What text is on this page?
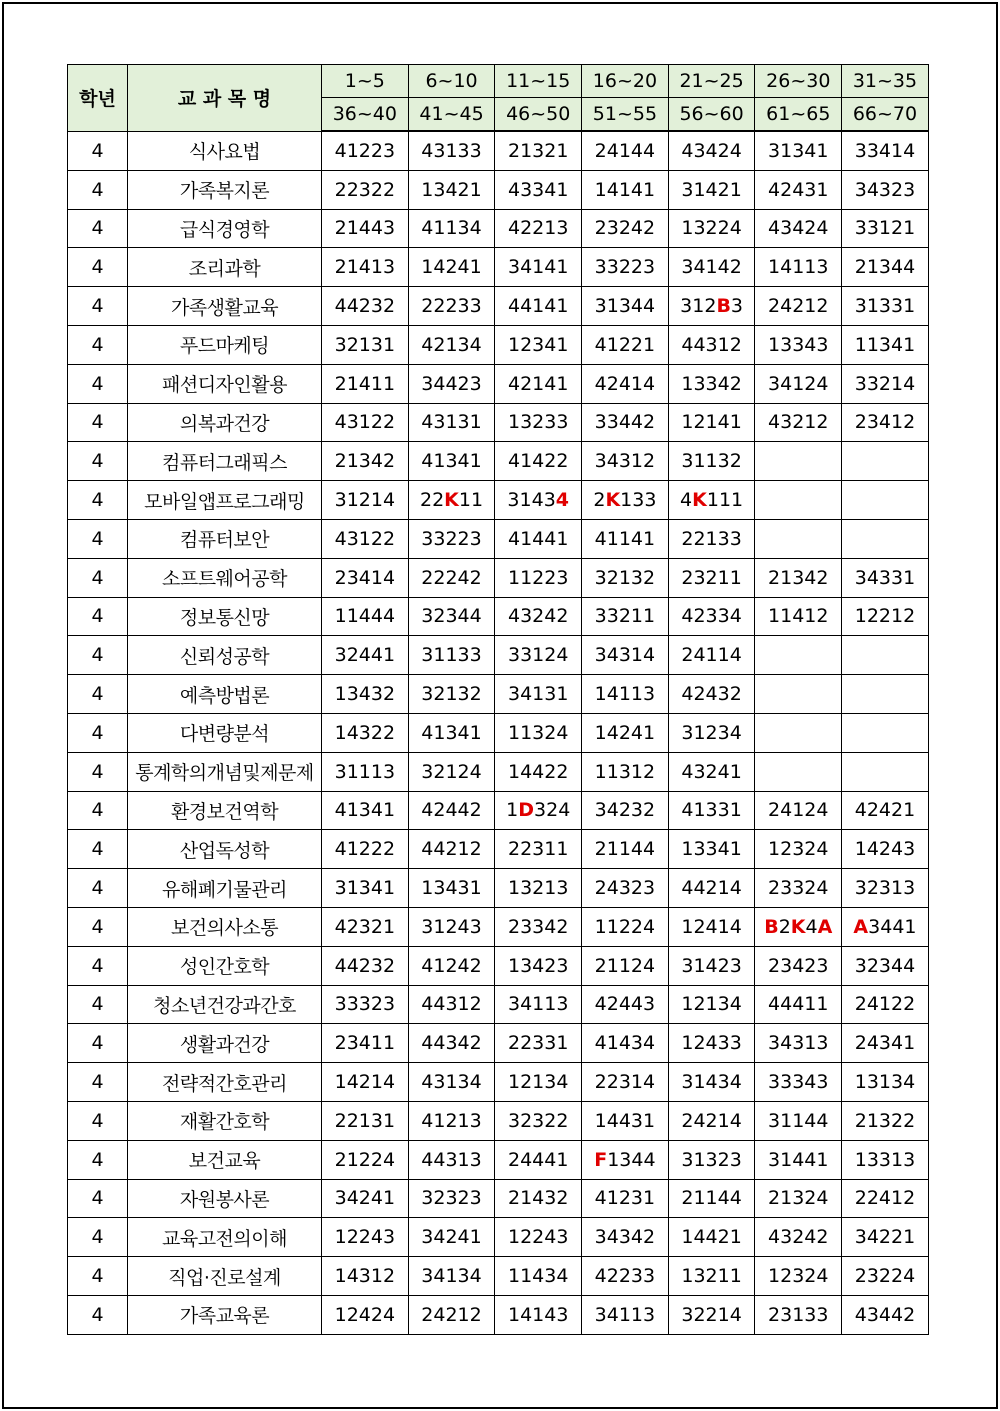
학년	교 과 목 명	1~5	6~10	11~15	16~20	21~25	26~30	31~35
		36~40	41~45	46~50	51~55	56~60	61~65	66~70
4	식사요법	41223	43133	21321	24144	43424	31341	33414
4	가족복지론	22322	13421	43341	14141	31421	42431	34323
4	급식경영학	21443	41134	42213	23242	13224	43424	33121
4	조리과학	21413	14241	34141	33223	34142	14113	21344
4	가족생활교육	44232	22233	44141	31344	312B3	24212	31331
4	푸드마케팅	32131	42134	12341	41221	44312	13343	11341
4	패션디자인활용	21411	34423	42141	42414	13342	34124	33214
4	의복과건강	43122	43131	13233	33442	12141	43212	23412
4	컴퓨터그래픽스	21342	41341	41422	34312	31132		
4	모바일앱프로그래밍	31214	22K11	31434	2K133	4K111		
4	컴퓨터보안	43122	33223	41441	41141	22133		
4	소프트웨어공학	23414	22242	11223	32132	23211	21342	34331
4	정보통신망	11444	32344	43242	33211	42334	11412	12212
4	신뢰성공학	32441	31133	33124	34314	24114		
4	예측방법론	13432	32132	34131	14113	42432		
4	다변량분석	14322	41341	11324	14241	31234		
4	통계학의개념및제문제	31113	32124	14422	11312	43241		
4	환경보건역학	41341	42442	1D324	34232	41331	24124	42421
4	산업독성학	41222	44212	22311	21144	13341	12324	14243
4	유해폐기물관리	31341	13431	13213	24323	44214	23324	32313
4	보건의사소통	42321	31243	23342	11224	12414	B2K4A	A3441
4	성인간호학	44232	41242	13423	21124	31423	23423	32344
4	청소년건강과간호	33323	44312	34113	42443	12134	44411	24122
4	생활과건강	23411	44342	22331	41434	12433	34313	24341
4	전략적간호관리	14214	43134	12134	22314	31434	33343	13134
4	재활간호학	22131	41213	32322	14431	24214	31144	21322
4	보건교육	21224	44313	24441	F1344	31323	31441	13313
4	자원봉사론	34241	32323	21432	41231	21144	21324	22412
4	교육고전의이해	12243	34241	12243	34342	14421	43242	34221
4	직업·진로설계	14312	34134	11434	42233	13211	12324	23224
4	가족교육론	12424	24212	14143	34113	32214	23133	43442
